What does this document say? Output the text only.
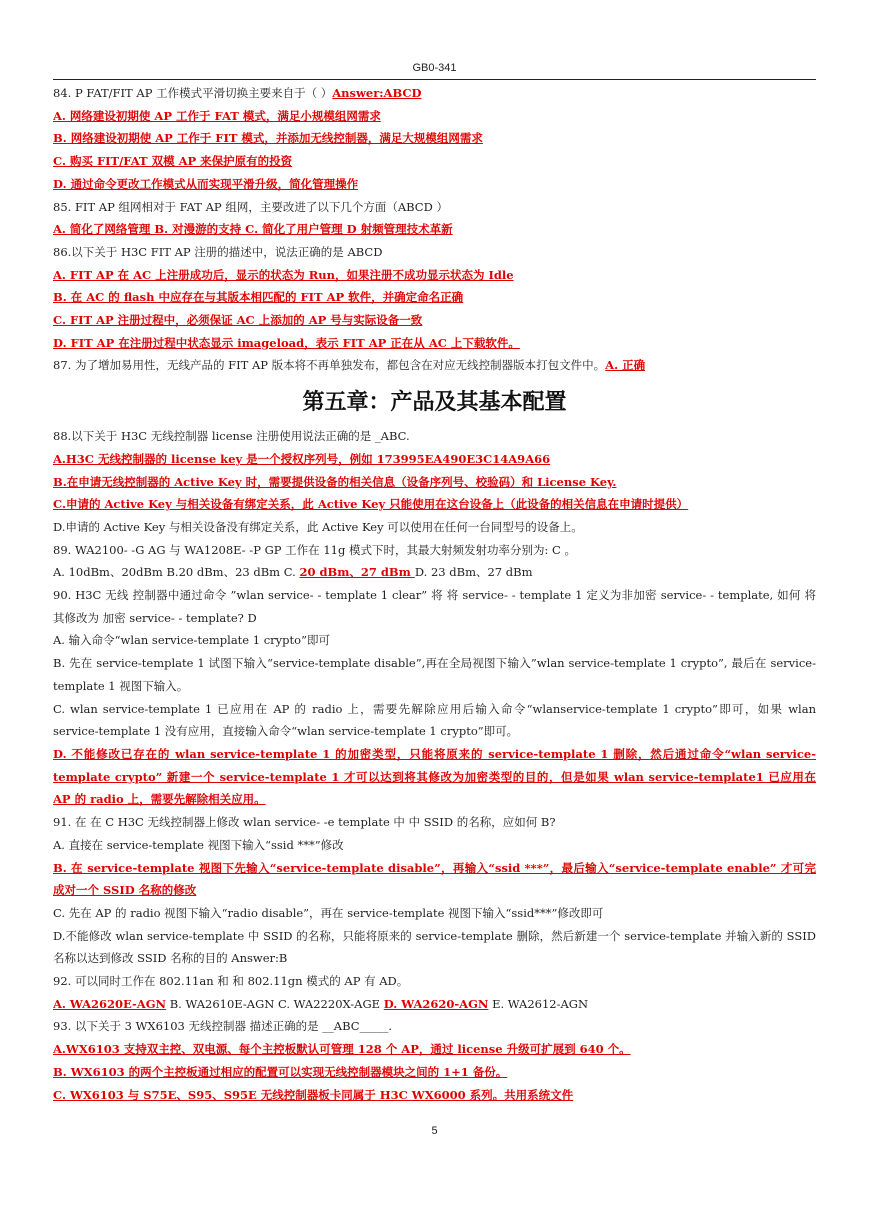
GB0-341
84. P FAT/FIT AP 工作模式平滑切换主要来自于（ ）Answer:ABCD
A. 网络建设初期使 AP 工作于 FAT 模式，满足小规模组网需求
B. 网络建设初期使 AP 工作于 FIT 模式，并添加无线控制器，满足大规模组网需求
C. 购买 FIT/FAT 双模 AP 来保护原有的投资
D. 通过命令更改工作模式从而实现平滑升级，简化管理操作
85. FIT AP 组网相对于 FAT AP 组网，主要改进了以下几个方面（ABCD ）
A. 简化了网络管理 B. 对漫游的支持 C. 简化了用户管理 D 射频管理技术革新
86.以下关于 H3C FIT AP 注册的描述中，说法正确的是 ABCD
A. FIT AP 在 AC 上注册成功后，显示的状态为 Run，如果注册不成功显示状态为 Idle
B. 在 AC 的 flash 中应存在与其版本相匹配的 FIT AP 软件，并确定命名正确
C. FIT AP 注册过程中，必须保证 AC 上添加的 AP 号与实际设备一致
D. FIT AP 在注册过程中状态显示 imageload，表示 FIT AP 正在从 AC 上下载软件。
87. 为了增加易用性，无线产品的 FIT AP 版本将不再单独发布，都包含在对应无线控制器版本打包文件中。A. 正确
第五章：产品及其基本配置
88.以下关于 H3C 无线控制器 license 注册使用说法正确的是 _ABC.
A.H3C 无线控制器的 license key 是一个授权序列号，例如 173995EA490E3C14A9A66
B.在申请无线控制器的 Active Key 时，需要提供设备的相关信息（设备序列号、校验码）和 License Key.
C.申请的 Active Key 与相关设备有绑定关系，此 Active Key 只能使用在这台设备上（此设备的相关信息在申请时提供）
D.申请的 Active Key 与相关设备没有绑定关系，此 Active Key 可以使用在任何一台同型号的设备上。
89. WA2100- -G AG 与 WA1208E- -P GP 工作在 11g 模式下时，其最大射频发射功率分别为: C 。
A. 10dBm、20dBm B.20 dBm、23 dBm C. 20 dBm、27 dBm D. 23 dBm、27 dBm
90. H3C 无线 控制器中通过命令 ”wlan service- - template 1 clear” 将 将 service- - template 1 定义为非加密 service- - template, 如何 将其修改为 加密 service- - template? D
A. 输入命令“wlan service-template 1 crypto”即可
B. 先在 service-template 1 试图下输入“service-template disable”,再在全局视图下输入”wlan service-template 1 crypto”, 最后在 service-template 1 视图下输入。
C. wlan service-template 1 已应用在 AP 的 radio 上，需要先解除应用后输入命令“wlanservice-template 1 crypto”即可，如果 wlan service-template 1 没有应用，直接输入命令“wlan service-template 1 crypto”即可。
D. 不能修改已存在的 wlan service-template 1 的加密类型，只能将原来的 service-template 1 删除，然后通过命令“wlan service-template crypto” 新建一个 service-template 1 才可以达到将其修改为加密类型的目的，但是如果 wlan service-template1 已应用在 AP 的 radio 上，需要先解除相关应用。
91. 在 在 C H3C 无线控制器上修改 wlan service- -e template 中 中 SSID 的名称，应如何 B?
A. 直接在 service-template 视图下输入“ssid ***”修改
B. 在 service-template 视图下先输入“service-template disable”，再输入“ssid ***”，最后输入“service-template enable” 才可完成对一个 SSID 名称的修改
C. 先在 AP 的 radio 视图下输入“radio disable”，再在 service-template 视图下输入“ssid***”修改即可
D.不能修改 wlan service-template 中 SSID 的名称，只能将原来的 service-template 删除，然后新建一个 service-template 并输入新的 SSID 名称以达到修改 SSID 名称的目的 Answer:B
92. 可以同时工作在 802.11an 和 和 802.11gn 模式的 AP 有 AD。
A. WA2620E-AGN B. WA2610E-AGN C. WA2220X-AGE D. WA2620-AGN E. WA2612-AGN
93. 以下关于 3 WX6103 无线控制器 描述正确的是 __ABC_____.
A.WX6103 支持双主控、双电源、每个主控板默认可管理 128 个 AP，通过 license 升级可扩展到 640 个。
B. WX6103 的两个主控板通过相应的配置可以实现无线控制器模块之间的 1+1 备份。
C. WX6103 与 S75E、S95、S95E 无线控制器板卡同属于 H3C WX6000 系列。共用系统文件
5
